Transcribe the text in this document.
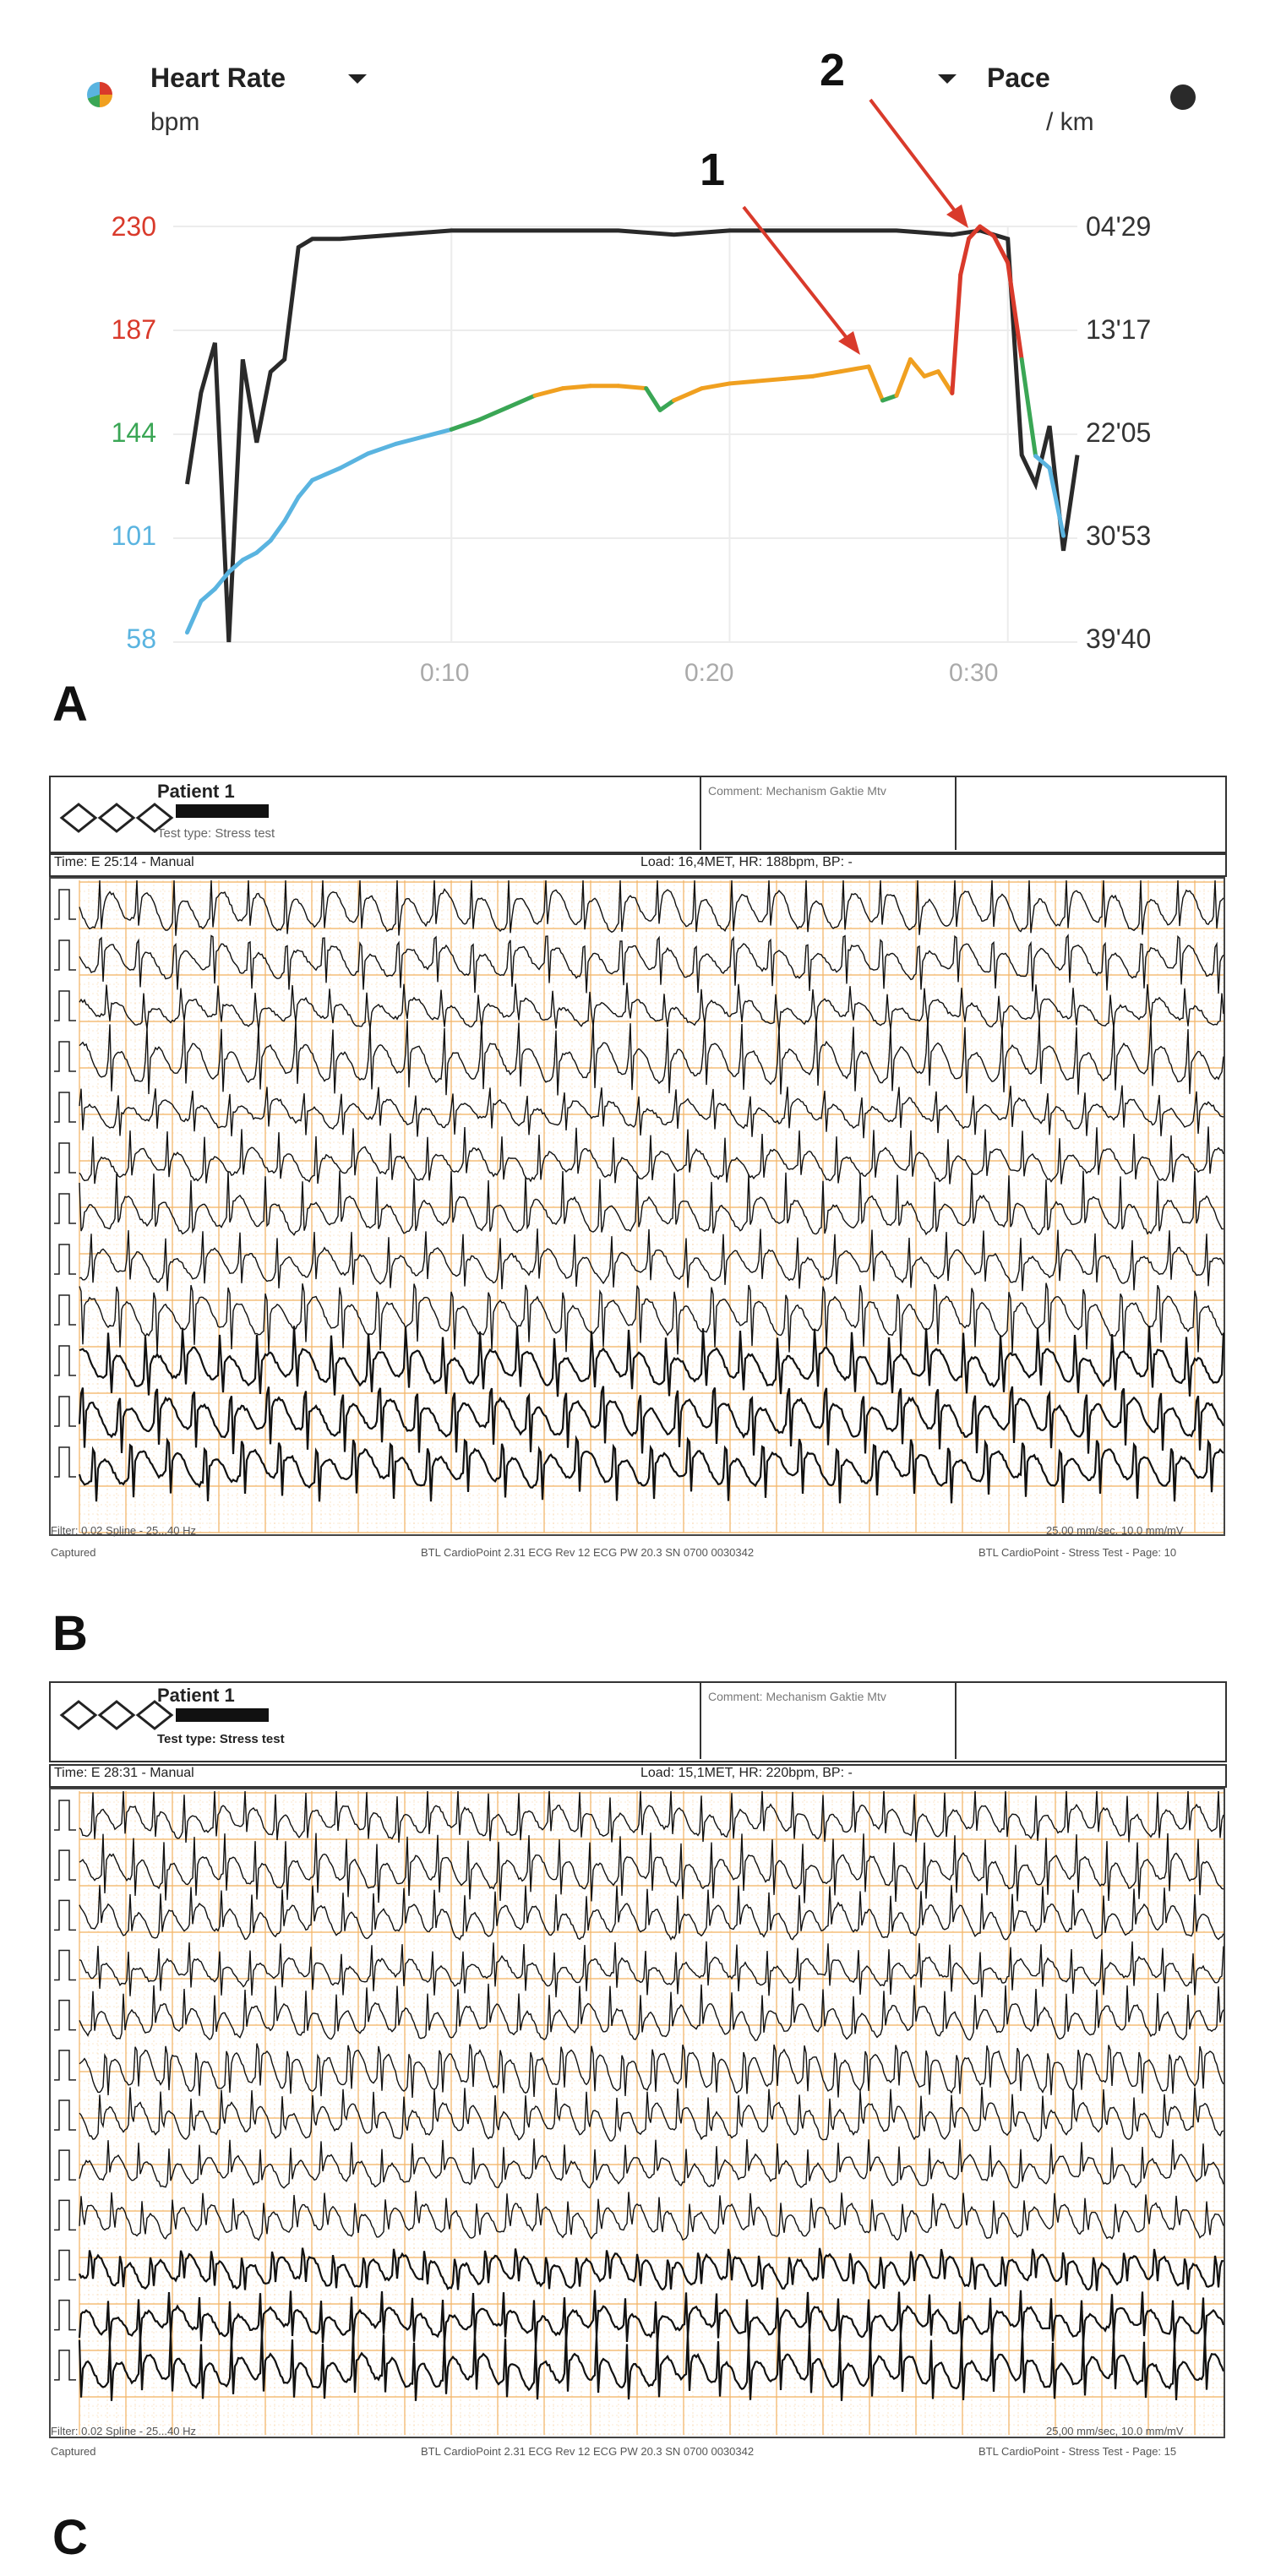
Heart Rate
bpm
Pace
/ km
230
187
144
101
58
04'29
13'17
22'05
30'53
39'40
0:10	0:20	0:30
1
2
A
Patient 1
Test type: Stress test
Comment: Mechanism Gaktie Mtv
Time: E 25:14 - Manual	Load: 16,4MET, HR: 188bpm, BP: -
Filter: 0.02 Spline - 25...40 Hz	25,00 mm/sec, 10.0 mm/mV
Captured	BTL CardioPoint 2.31 ECG Rev 12 ECG PW 20.3 SN 0700 0030342	BTL CardioPoint - Stress Test - Page: 10
B
Patient 1
Test type: Stress test
Comment: Mechanism Gaktie Mtv
Time: E 28:31 - Manual	Load: 15,1MET, HR: 220bpm, BP: -
Filter: 0.02 Spline - 25...40 Hz	25,00 mm/sec, 10.0 mm/mV
Captured	BTL CardioPoint 2.31 ECG Rev 12 ECG PW 20.3 SN 0700 0030342	BTL CardioPoint - Stress Test - Page: 15
C
